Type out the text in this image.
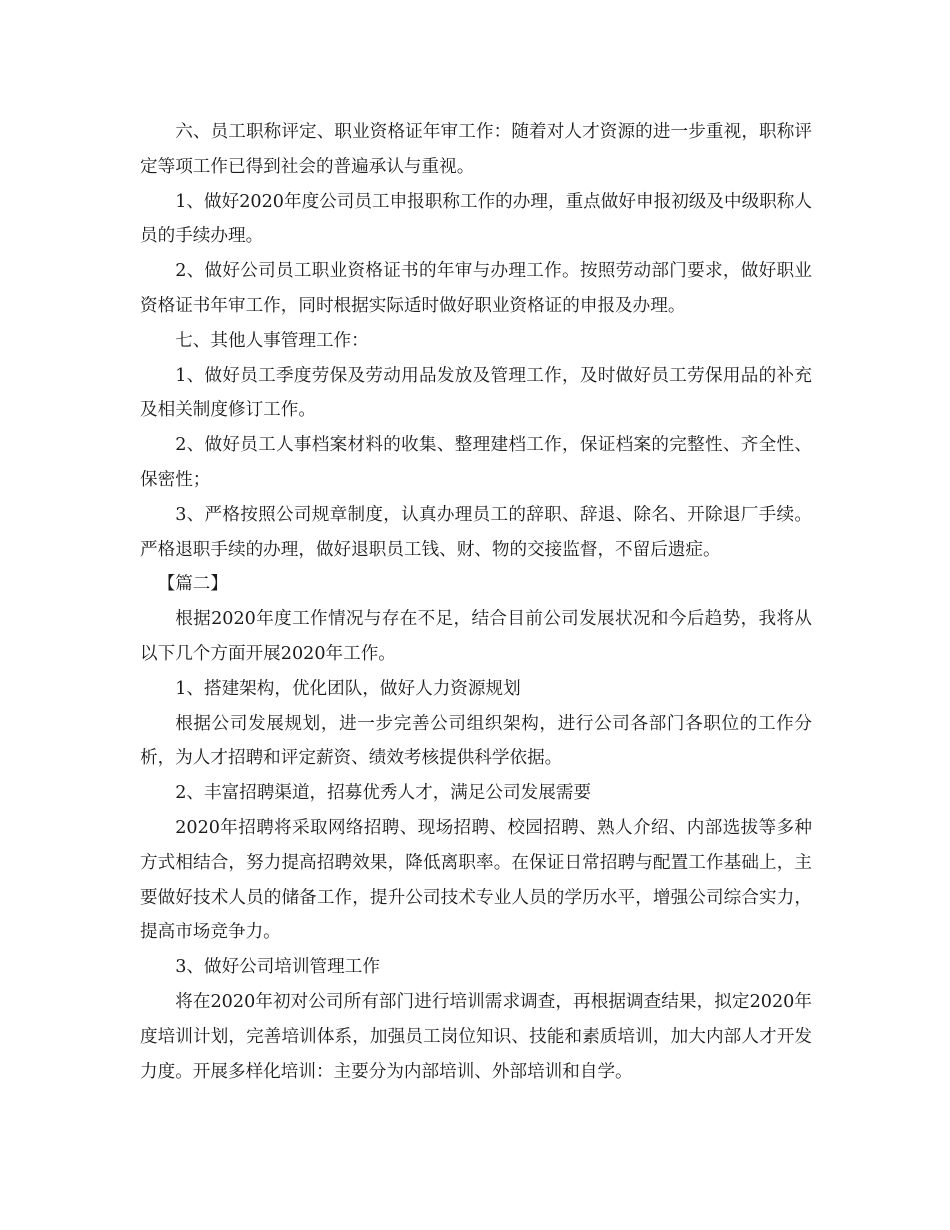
六、员工职称评定、职业资格证年审工作：随着对人才资源的进一步重视，职称评定等项工作已得到社会的普遍承认与重视。

1、做好2020年度公司员工申报职称工作的办理，重点做好申报初级及中级职称人员的手续办理。

2、做好公司员工职业资格证书的年审与办理工作。按照劳动部门要求，做好职业资格证书年审工作，同时根据实际适时做好职业资格证的申报及办理。

七、其他人事管理工作：

1、做好员工季度劳保及劳动用品发放及管理工作，及时做好员工劳保用品的补充及相关制度修订工作。

2、做好员工人事档案材料的收集、整理建档工作，保证档案的完整性、齐全性、保密性；

3、严格按照公司规章制度，认真办理员工的辞职、辞退、除名、开除退厂手续。严格退职手续的办理，做好退职员工钱、财、物的交接监督，不留后遗症。

【篇二】

根据2020年度工作情况与存在不足，结合目前公司发展状况和今后趋势，我将从以下几个方面开展2020年工作。

1、搭建架构，优化团队，做好人力资源规划

根据公司发展规划，进一步完善公司组织架构，进行公司各部门各职位的工作分析，为人才招聘和评定薪资、绩效考核提供科学依据。

2、丰富招聘渠道，招募优秀人才，满足公司发展需要

2020年招聘将采取网络招聘、现场招聘、校园招聘、熟人介绍、内部选拔等多种方式相结合，努力提高招聘效果，降低离职率。在保证日常招聘与配置工作基础上，主要做好技术人员的储备工作，提升公司技术专业人员的学历水平，增强公司综合实力，提高市场竞争力。

3、做好公司培训管理工作

将在2020年初对公司所有部门进行培训需求调查，再根据调查结果，拟定2020年度培训计划，完善培训体系，加强员工岗位知识、技能和素质培训，加大内部人才开发力度。开展多样化培训：主要分为内部培训、外部培训和自学。
